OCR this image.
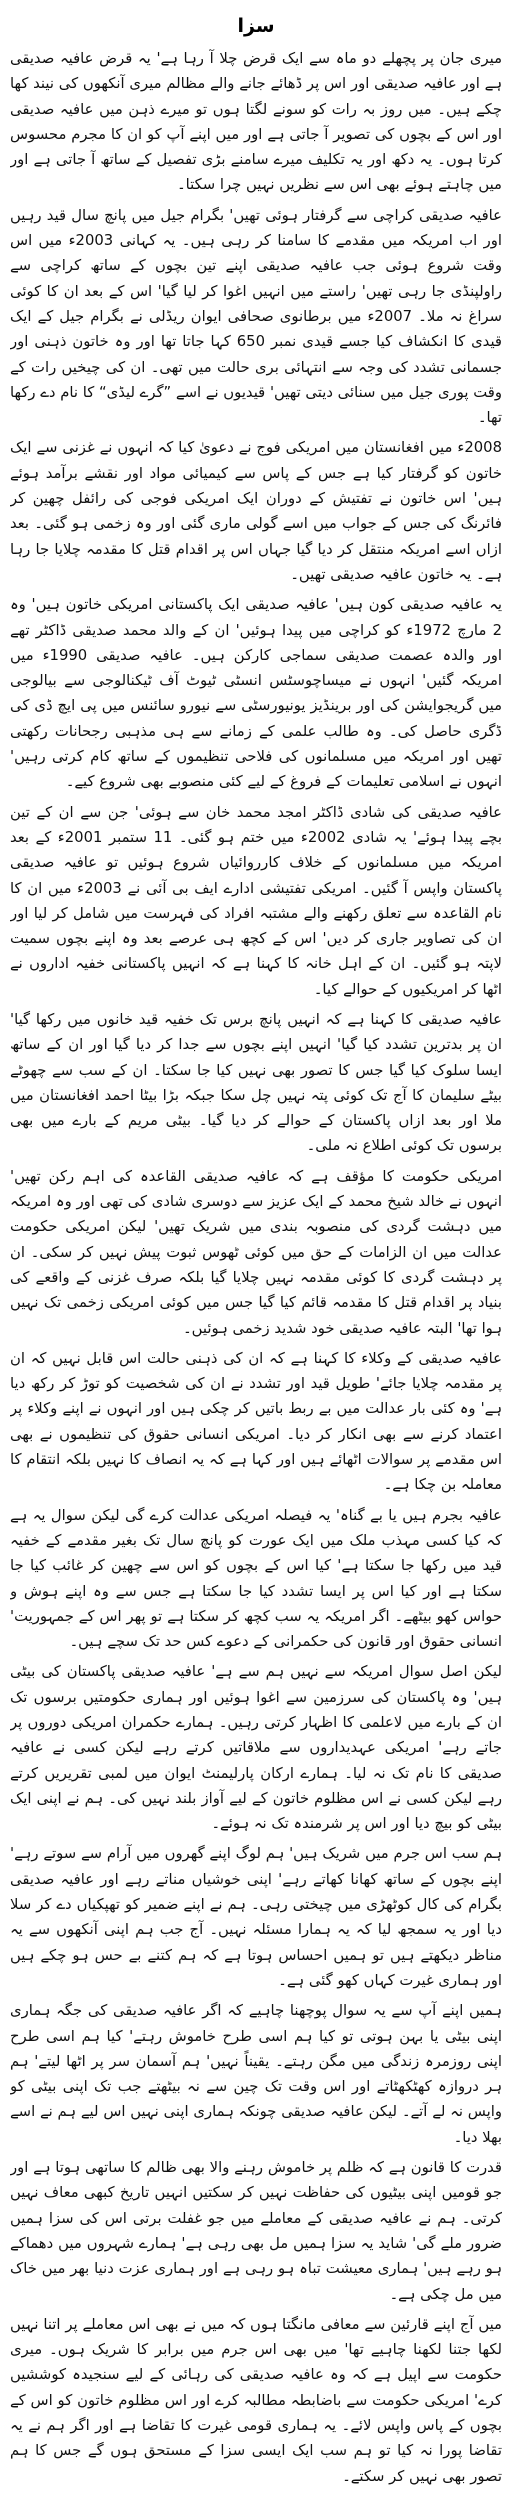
سزا

میری جان پر پچھلے دو ماہ سے ایک قرض چلا آ رہا ہے' یہ قرض عافیہ صدیقی ہے اور عافیہ صدیقی اور اس پر ڈھائے جانے والے مظالم میری آنکھوں کی نیند کھا چکے ہیں۔ میں روز بہ رات کو سونے لگتا ہوں تو میرے ذہن میں عافیہ صدیقی اور اس کے بچوں کی تصویر آ جاتی ہے اور میں اپنے آپ کو ان کا مجرم محسوس کرتا ہوں۔ یہ دکھ اور یہ تکلیف میرے سامنے بڑی تفصیل کے ساتھ آ جاتی ہے اور میں چاہتے ہوئے بھی اس سے نظریں نہیں چرا سکتا۔

عافیہ صدیقی کراچی سے گرفتار ہوئی تھیں' بگرام جیل میں پانچ سال قید رہیں اور اب امریکہ میں مقدمے کا سامنا کر رہی ہیں۔ یہ کہانی 2003ء میں اس وقت شروع ہوئی جب عافیہ صدیقی اپنے تین بچوں کے ساتھ کراچی سے راولپنڈی جا رہی تھیں' راستے میں انہیں اغوا کر لیا گیا' اس کے بعد ان کا کوئی سراغ نہ ملا۔ 2007ء میں برطانوی صحافی ایوان ریڈلی نے بگرام جیل کے ایک قیدی کا انکشاف کیا جسے قیدی نمبر 650 کہا جاتا تھا اور وہ خاتون ذہنی اور جسمانی تشدد کی وجہ سے انتہائی بری حالت میں تھی۔ ان کی چیخیں رات کے وقت پوری جیل میں سنائی دیتی تھیں' قیدیوں نے اسے ”گرے لیڈی“ کا نام دے رکھا تھا۔

2008ء میں افغانستان میں امریکی فوج نے دعویٰ کیا کہ انہوں نے غزنی سے ایک خاتون کو گرفتار کیا ہے جس کے پاس سے کیمیائی مواد اور نقشے برآمد ہوئے ہیں' اس خاتون نے تفتیش کے دوران ایک امریکی فوجی کی رائفل چھین کر فائرنگ کی جس کے جواب میں اسے گولی ماری گئی اور وہ زخمی ہو گئی۔ بعد ازاں اسے امریکہ منتقل کر دیا گیا جہاں اس پر اقدام قتل کا مقدمہ چلایا جا رہا ہے۔ یہ خاتون عافیہ صدیقی تھیں۔

یہ عافیہ صدیقی کون ہیں' عافیہ صدیقی ایک پاکستانی امریکی خاتون ہیں' وہ 2 مارچ 1972ء کو کراچی میں پیدا ہوئیں' ان کے والد محمد صدیقی ڈاکٹر تھے اور والدہ عصمت صدیقی سماجی کارکن ہیں۔ عافیہ صدیقی 1990ء میں امریکہ گئیں' انہوں نے میساچوسٹس انسٹی ٹیوٹ آف ٹیکنالوجی سے بیالوجی میں گریجوایشن کی اور برینڈیز یونیورسٹی سے نیورو سائنس میں پی ایچ ڈی کی ڈگری حاصل کی۔ وہ طالب علمی کے زمانے سے ہی مذہبی رجحانات رکھتی تھیں اور امریکہ میں مسلمانوں کی فلاحی تنظیموں کے ساتھ کام کرتی رہیں' انہوں نے اسلامی تعلیمات کے فروغ کے لیے کئی منصوبے بھی شروع کیے۔

عافیہ صدیقی کی شادی ڈاکٹر امجد محمد خان سے ہوئی' جن سے ان کے تین بچے پیدا ہوئے' یہ شادی 2002ء میں ختم ہو گئی۔ 11 ستمبر 2001ء کے بعد امریکہ میں مسلمانوں کے خلاف کارروائیاں شروع ہوئیں تو عافیہ صدیقی پاکستان واپس آ گئیں۔ امریکی تفتیشی ادارے ایف بی آئی نے 2003ء میں ان کا نام القاعدہ سے تعلق رکھنے والے مشتبہ افراد کی فہرست میں شامل کر لیا اور ان کی تصاویر جاری کر دیں' اس کے کچھ ہی عرصے بعد وہ اپنے بچوں سمیت لاپتہ ہو گئیں۔ ان کے اہل خانہ کا کہنا ہے کہ انہیں پاکستانی خفیہ اداروں نے اٹھا کر امریکیوں کے حوالے کیا۔

عافیہ صدیقی کا کہنا ہے کہ انہیں پانچ برس تک خفیہ قید خانوں میں رکھا گیا' ان پر بدترین تشدد کیا گیا' انہیں اپنے بچوں سے جدا کر دیا گیا اور ان کے ساتھ ایسا سلوک کیا گیا جس کا تصور بھی نہیں کیا جا سکتا۔ ان کے سب سے چھوٹے بیٹے سلیمان کا آج تک کوئی پتہ نہیں چل سکا جبکہ بڑا بیٹا احمد افغانستان میں ملا اور بعد ازاں پاکستان کے حوالے کر دیا گیا۔ بیٹی مریم کے بارے میں بھی برسوں تک کوئی اطلاع نہ ملی۔

امریکی حکومت کا مؤقف ہے کہ عافیہ صدیقی القاعدہ کی اہم رکن تھیں' انہوں نے خالد شیخ محمد کے ایک عزیز سے دوسری شادی کی تھی اور وہ امریکہ میں دہشت گردی کی منصوبہ بندی میں شریک تھیں' لیکن امریکی حکومت عدالت میں ان الزامات کے حق میں کوئی ٹھوس ثبوت پیش نہیں کر سکی۔ ان پر دہشت گردی کا کوئی مقدمہ نہیں چلایا گیا بلکہ صرف غزنی کے واقعے کی بنیاد پر اقدام قتل کا مقدمہ قائم کیا گیا جس میں کوئی امریکی زخمی تک نہیں ہوا تھا' البتہ عافیہ صدیقی خود شدید زخمی ہوئیں۔

عافیہ صدیقی کے وکلاء کا کہنا ہے کہ ان کی ذہنی حالت اس قابل نہیں کہ ان پر مقدمہ چلایا جائے' طویل قید اور تشدد نے ان کی شخصیت کو توڑ کر رکھ دیا ہے' وہ کئی بار عدالت میں بے ربط باتیں کر چکی ہیں اور انہوں نے اپنے وکلاء پر اعتماد کرنے سے بھی انکار کر دیا۔ امریکی انسانی حقوق کی تنظیموں نے بھی اس مقدمے پر سوالات اٹھائے ہیں اور کہا ہے کہ یہ انصاف کا نہیں بلکہ انتقام کا معاملہ بن چکا ہے۔

عافیہ بجرم ہیں یا بے گناہ' یہ فیصلہ امریکی عدالت کرے گی لیکن سوال یہ ہے کہ کیا کسی مہذب ملک میں ایک عورت کو پانچ سال تک بغیر مقدمے کے خفیہ قید میں رکھا جا سکتا ہے' کیا اس کے بچوں کو اس سے چھین کر غائب کیا جا سکتا ہے اور کیا اس پر ایسا تشدد کیا جا سکتا ہے جس سے وہ اپنے ہوش و حواس کھو بیٹھے۔ اگر امریکہ یہ سب کچھ کر سکتا ہے تو پھر اس کے جمہوریت' انسانی حقوق اور قانون کی حکمرانی کے دعوے کس حد تک سچے ہیں۔

لیکن اصل سوال امریکہ سے نہیں ہم سے ہے' عافیہ صدیقی پاکستان کی بیٹی ہیں' وہ پاکستان کی سرزمین سے اغوا ہوئیں اور ہماری حکومتیں برسوں تک ان کے بارے میں لاعلمی کا اظہار کرتی رہیں۔ ہمارے حکمران امریکی دوروں پر جاتے رہے' امریکی عہدیداروں سے ملاقاتیں کرتے رہے لیکن کسی نے عافیہ صدیقی کا نام تک نہ لیا۔ ہمارے ارکان پارلیمنٹ ایوان میں لمبی تقریریں کرتے رہے لیکن کسی نے اس مظلوم خاتون کے لیے آواز بلند نہیں کی۔ ہم نے اپنی ایک بیٹی کو بیچ دیا اور اس پر شرمندہ تک نہ ہوئے۔

ہم سب اس جرم میں شریک ہیں' ہم لوگ اپنے گھروں میں آرام سے سوتے رہے' اپنے بچوں کے ساتھ کھانا کھاتے رہے' اپنی خوشیاں مناتے رہے اور عافیہ صدیقی بگرام کی کال کوٹھڑی میں چیختی رہی۔ ہم نے اپنے ضمیر کو تھپکیاں دے کر سلا دیا اور یہ سمجھ لیا کہ یہ ہمارا مسئلہ نہیں۔ آج جب ہم اپنی آنکھوں سے یہ مناظر دیکھتے ہیں تو ہمیں احساس ہوتا ہے کہ ہم کتنے بے حس ہو چکے ہیں اور ہماری غیرت کہاں کھو گئی ہے۔

ہمیں اپنے آپ سے یہ سوال پوچھنا چاہیے کہ اگر عافیہ صدیقی کی جگہ ہماری اپنی بیٹی یا بہن ہوتی تو کیا ہم اسی طرح خاموش رہتے' کیا ہم اسی طرح اپنی روزمرہ زندگی میں مگن رہتے۔ یقیناً نہیں' ہم آسمان سر پر اٹھا لیتے' ہم ہر دروازہ کھٹکھٹاتے اور اس وقت تک چین سے نہ بیٹھتے جب تک اپنی بیٹی کو واپس نہ لے آتے۔ لیکن عافیہ صدیقی چونکہ ہماری اپنی نہیں اس لیے ہم نے اسے بھلا دیا۔

قدرت کا قانون ہے کہ ظلم پر خاموش رہنے والا بھی ظالم کا ساتھی ہوتا ہے اور جو قومیں اپنی بیٹیوں کی حفاظت نہیں کر سکتیں انہیں تاریخ کبھی معاف نہیں کرتی۔ ہم نے عافیہ صدیقی کے معاملے میں جو غفلت برتی اس کی سزا ہمیں ضرور ملے گی' شاید یہ سزا ہمیں مل بھی رہی ہے' ہمارے شہروں میں دھماکے ہو رہے ہیں' ہماری معیشت تباہ ہو رہی ہے اور ہماری عزت دنیا بھر میں خاک میں مل چکی ہے۔

میں آج اپنے قارئین سے معافی مانگتا ہوں کہ میں نے بھی اس معاملے پر اتنا نہیں لکھا جتنا لکھنا چاہیے تھا' میں بھی اس جرم میں برابر کا شریک ہوں۔ میری حکومت سے اپیل ہے کہ وہ عافیہ صدیقی کی رہائی کے لیے سنجیدہ کوششیں کرے' امریکی حکومت سے باضابطہ مطالبہ کرے اور اس مظلوم خاتون کو اس کے بچوں کے پاس واپس لائے۔ یہ ہماری قومی غیرت کا تقاضا ہے اور اگر ہم نے یہ تقاضا پورا نہ کیا تو ہم سب ایک ایسی سزا کے مستحق ہوں گے جس کا ہم تصور بھی نہیں کر سکتے۔
